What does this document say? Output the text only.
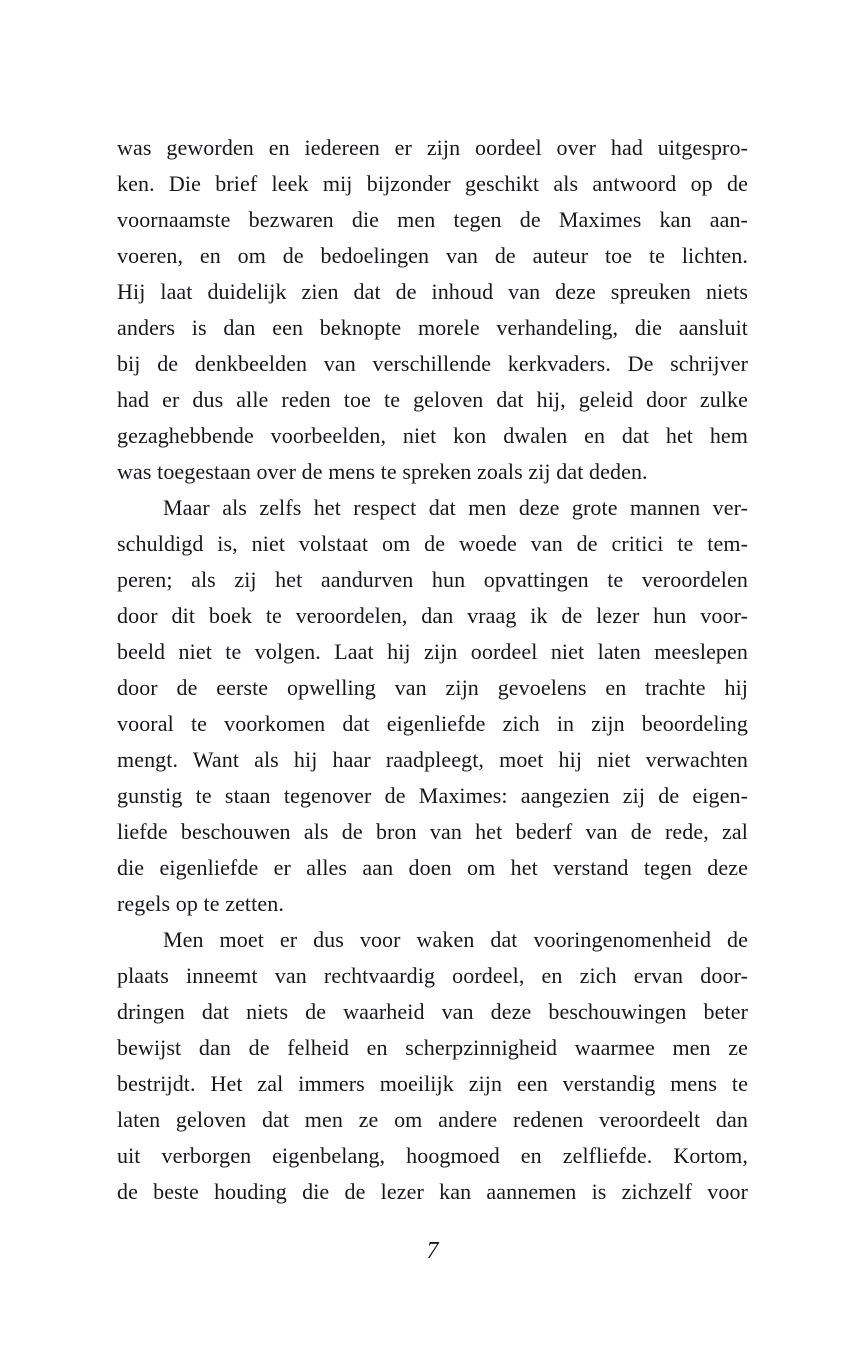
was geworden en iedereen er zijn oordeel over had uitgespro-
ken. Die brief leek mij bijzonder geschikt als antwoord op de
voornaamste bezwaren die men tegen de Maximes kan aan-
voeren, en om de bedoelingen van de auteur toe te lichten.
Hij laat duidelijk zien dat de inhoud van deze spreuken niets
anders is dan een beknopte morele verhandeling, die aansluit
bij de denkbeelden van verschillende kerkvaders. De schrijver
had er dus alle reden toe te geloven dat hij, geleid door zulke
gezaghebbende voorbeelden, niet kon dwalen en dat het hem
was toegestaan over de mens te spreken zoals zij dat deden.
Maar als zelfs het respect dat men deze grote mannen ver-
schuldigd is, niet volstaat om de woede van de critici te tem-
peren; als zij het aandurven hun opvattingen te veroordelen
door dit boek te veroordelen, dan vraag ik de lezer hun voor-
beeld niet te volgen. Laat hij zijn oordeel niet laten meeslepen
door de eerste opwelling van zijn gevoelens en trachte hij
vooral te voorkomen dat eigenliefde zich in zijn beoordeling
mengt. Want als hij haar raadpleegt, moet hij niet verwachten
gunstig te staan tegenover de Maximes: aangezien zij de eigen-
liefde beschouwen als de bron van het bederf van de rede, zal
die eigenliefde er alles aan doen om het verstand tegen deze
regels op te zetten.
Men moet er dus voor waken dat vooringenomenheid de
plaats inneemt van rechtvaardig oordeel, en zich ervan door-
dringen dat niets de waarheid van deze beschouwingen beter
bewijst dan de felheid en scherpzinnigheid waarmee men ze
bestrijdt. Het zal immers moeilijk zijn een verstandig mens te
laten geloven dat men ze om andere redenen veroordeelt dan
uit verborgen eigenbelang, hoogmoed en zelfliefde. Kortom,
de beste houding die de lezer kan aannemen is zichzelf voor
7
